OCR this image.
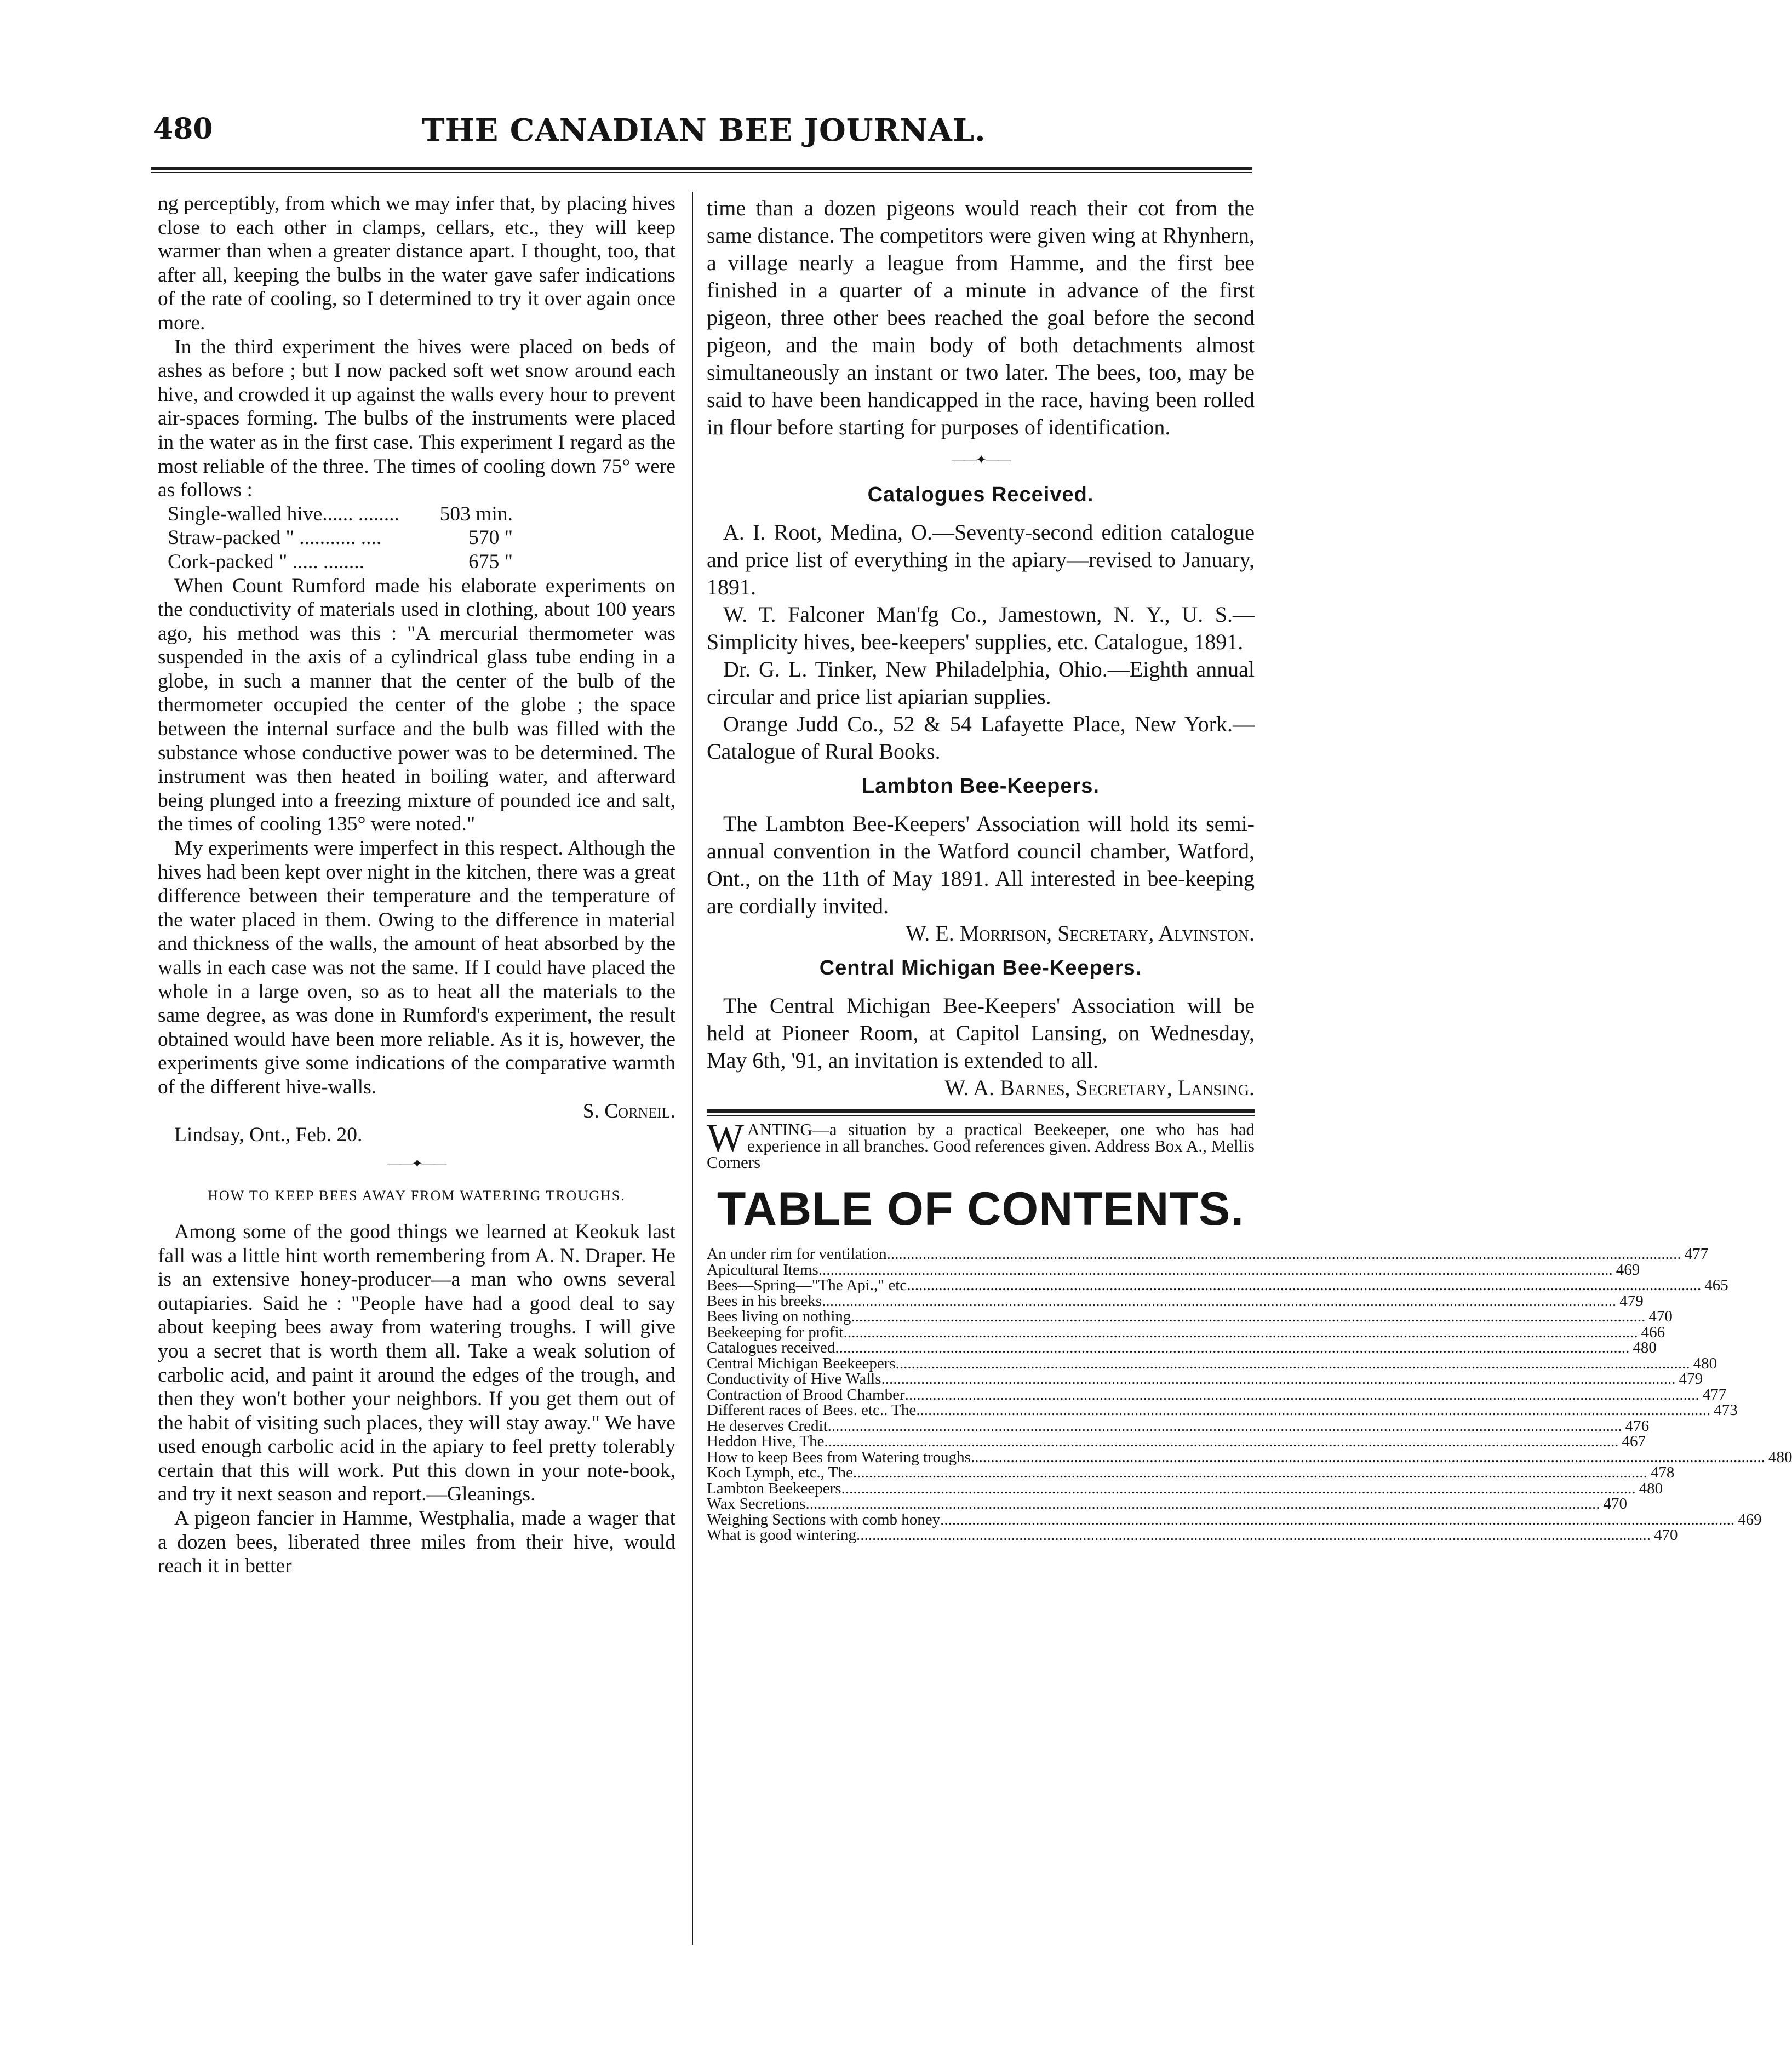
480	THE CANADIAN BEE JOURNAL.

ng perceptibly, from which we may infer that, by placing hives close to each other in clamps, cellars, etc., they will keep warmer than when a greater distance apart. I thought, too, that after all, keeping the bulbs in the water gave safer indications of the rate of cooling, so I determined to try it over again once more.

In the third experiment the hives were placed on beds of ashes as before ; but I now packed soft wet snow around each hive, and crowded it up against the walls every hour to prevent air-spaces forming. The bulbs of the instruments were placed in the water as in the first case. This experiment I regard as the most reliable of the three. The times of cooling down 75° were as follows :

Single-walled hive...... ........ 503 min.
Straw-packed " ........... ....	570 "
Cork-packed " ..... ........	675 "

When Count Rumford made his elaborate experiments on the conductivity of materials used in clothing, about 100 years ago, his method was this : "A mercurial thermometer was suspended in the axis of a cylindrical glass tube ending in a globe, in such a manner that the center of the bulb of the thermometer occupied the center of the globe ; the space between the internal surface and the bulb was filled with the substance whose conductive power was to be determined. The instrument was then heated in boiling water, and afterward being plunged into a freezing mixture of pounded ice and salt, the times of cooling 135° were noted."

My experiments were imperfect in this respect. Although the hives had been kept over night in the kitchen, there was a great difference between their temperature and the temperature of the water placed in them. Owing to the difference in material and thickness of the walls, the amount of heat absorbed by the walls in each case was not the same. If I could have placed the whole in a large oven, so as to heat all the materials to the same degree, as was done in Rumford's experiment, the result obtained would have been more reliable. As it is, however, the experiments give some indications of the comparative warmth of the different hive-walls.

S. Corneil.

Lindsay, Ont., Feb. 20.

——✦——
HOW TO KEEP BEES AWAY FROM WATERING TROUGHS.

Among some of the good things we learned at Keokuk last fall was a little hint worth remembering from A. N. Draper. He is an extensive honey-producer—a man who owns several outapiaries. Said he : "People have had a good deal to say about keeping bees away from watering troughs. I will give you a secret that is worth them all. Take a weak solution of carbolic acid, and paint it around the edges of the trough, and then they won't bother your neighbors. If you get them out of the habit of visiting such places, they will stay away." We have used enough carbolic acid in the apiary to feel pretty tolerably certain that this will work. Put this down in your note-book, and try it next season and report.—Gleanings.

A pigeon fancier in Hamme, Westphalia, made a wager that a dozen bees, liberated three miles from their hive, would reach it in better

time than a dozen pigeons would reach their cot from the same distance. The competitors were given wing at Rhynhern, a village nearly a league from Hamme, and the first bee finished in a quarter of a minute in advance of the first pigeon, three other bees reached the goal before the second pigeon, and the main body of both detachments almost simultaneously an instant or two later. The bees, too, may be said to have been handicapped in the race, having been rolled in flour before starting for purposes of identification.

——✦——
Catalogues Received.

A. I. Root, Medina, O.—Seventy-second edition catalogue and price list of everything in the apiary—revised to January, 1891.

W. T. Falconer Man'fg Co., Jamestown, N. Y., U. S.—Simplicity hives, bee-keepers' supplies, etc. Catalogue, 1891.

Dr. G. L. Tinker, New Philadelphia, Ohio.—Eighth annual circular and price list apiarian supplies.

Orange Judd Co., 52 & 54 Lafayette Place, New York.—Catalogue of Rural Books.

Lambton Bee-Keepers.

The Lambton Bee-Keepers' Association will hold its semi-annual convention in the Watford council chamber, Watford, Ont., on the 11th of May 1891. All interested in bee-keeping are cordially invited.

W. E. Morrison, Secretary, Alvinston.

Central Michigan Bee-Keepers.

The Central Michigan Bee-Keepers' Association will be held at Pioneer Room, at Capitol Lansing, on Wednesday, May 6th, '91, an invitation is extended to all.

W. A. Barnes, Secretary, Lansing.

W ANTING—a situation by a practical Beekeeper, one who has had experience in all branches. Good references given. Address Box A., Mellis Corners

TABLE OF CONTENTS.
An under rim for ventilation ........................................................................................................................................................................................................ 477
Apicultural Items ........................................................................................................................................................................................................ 469
Bees—Spring—"The Api.," etc ........................................................................................................................................................................................................ 465
Bees in his breeks ........................................................................................................................................................................................................ 479
Bees living on nothing ........................................................................................................................................................................................................ 470
Beekeeping for profit ........................................................................................................................................................................................................ 466
Catalogues received ........................................................................................................................................................................................................ 480
Central Michigan Beekeepers ........................................................................................................................................................................................................ 480
Conductivity of Hive Walls ........................................................................................................................................................................................................ 479
Contraction of Brood Chamber ........................................................................................................................................................................................................ 477
Different races of Bees. etc.. The ........................................................................................................................................................................................................ 473
He deserves Credit ........................................................................................................................................................................................................ 476
Heddon Hive, The ........................................................................................................................................................................................................ 467
How to keep Bees from Watering troughs ........................................................................................................................................................................................................ 480
Koch Lymph, etc., The ........................................................................................................................................................................................................ 478
Lambton Beekeepers ........................................................................................................................................................................................................ 480
Wax Secretions ........................................................................................................................................................................................................ 470
Weighing Sections with comb honey ........................................................................................................................................................................................................ 469
What is good wintering ........................................................................................................................................................................................................ 470
